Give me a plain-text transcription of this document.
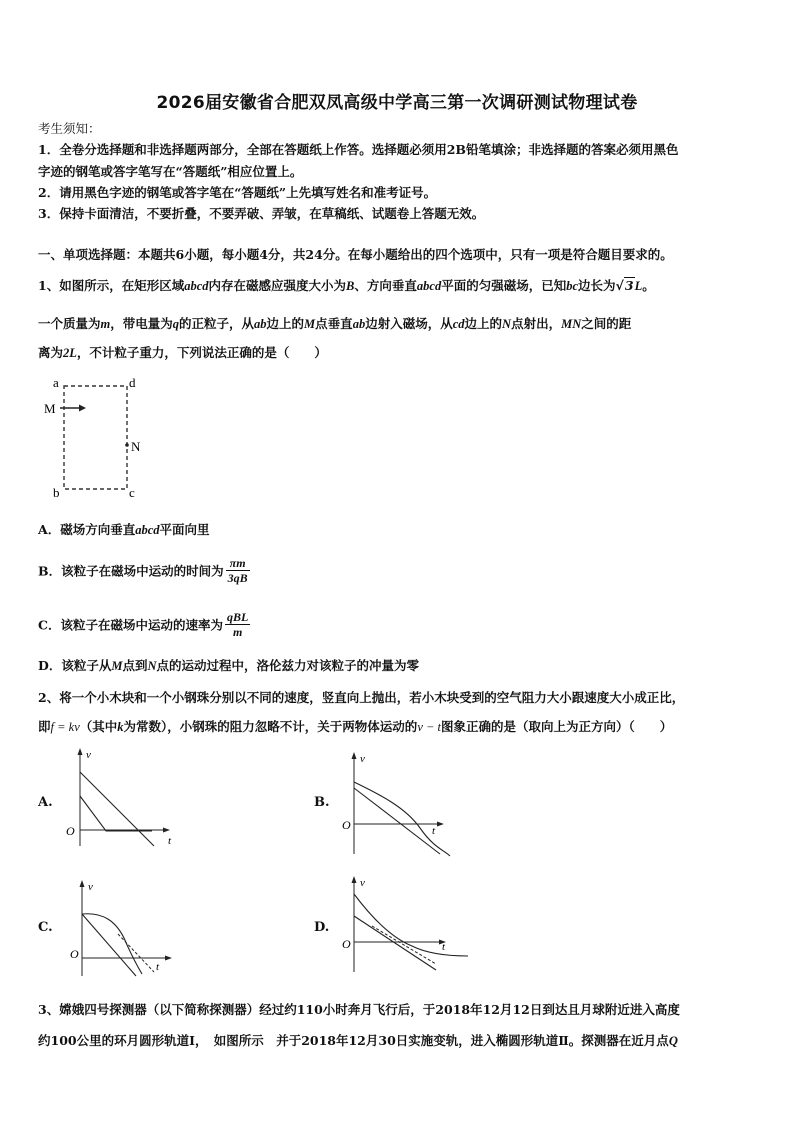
2026届安徽省合肥双凤高级中学高三第一次调研测试物理试卷
考生须知：
1．全卷分选择题和非选择题两部分，全部在答题纸上作答。选择题必须用2B铅笔填涂；非选择题的答案必须用黑色
字迹的钢笔或答字笔写在“答题纸”相应位置上。
2．请用黑色字迹的钢笔或答字笔在“答题纸”上先填写姓名和准考证号。
3．保持卡面清洁，不要折叠，不要弄破、弄皱，在草稿纸、试题卷上答题无效。
一、单项选择题：本题共6小题，每小题4分，共24分。在每小题给出的四个选项中，只有一项是符合题目要求的。
1、如图所示，在矩形区域abcd内存在磁感应强度大小为B、方向垂直abcd平面的匀强磁场，已知bc边长为√3L。
一个质量为m，带电量为q的正粒子，从ab边上的M点垂直ab边射入磁场，从cd边上的N点射出，MN之间的距
离为2L，不计粒子重力，下列说法正确的是（　　）
a	d
b	c
M
N
A．磁场方向垂直abcd平面向里
B．该粒子在磁场中运动的时间为 $\frac{\pi m}{3qB}$
C．该粒子在磁场中运动的速率为 $\frac{\text{qBL}}{m}$
D．该粒子从M点到N点的运动过程中，洛伦兹力对该粒子的冲量为零
2、将一个小木块和一个小钢珠分别以不同的速度，竖直向上抛出，若小木块受到的空气阻力大小跟速度大小成正比，
即f = kv（其中k为常数），小钢珠的阻力忽略不计，关于两物体运动的v − t图象正确的是（取向上为正方向）（　　）
A.	B.
C.	D.
v
t
O
v
t
O
v
t
O
v
t
O
3、嫦娥四号探测器（以下简称探测器）经过约110小时奔月飞行后，于2018年12月12日到达且月球附近进入高度
约100公里的环月圆形轨道Ⅰ，　如图所示　并于2018年12月30日实施变轨，进入椭圆形轨道Ⅱ。探测器在近月点Q
